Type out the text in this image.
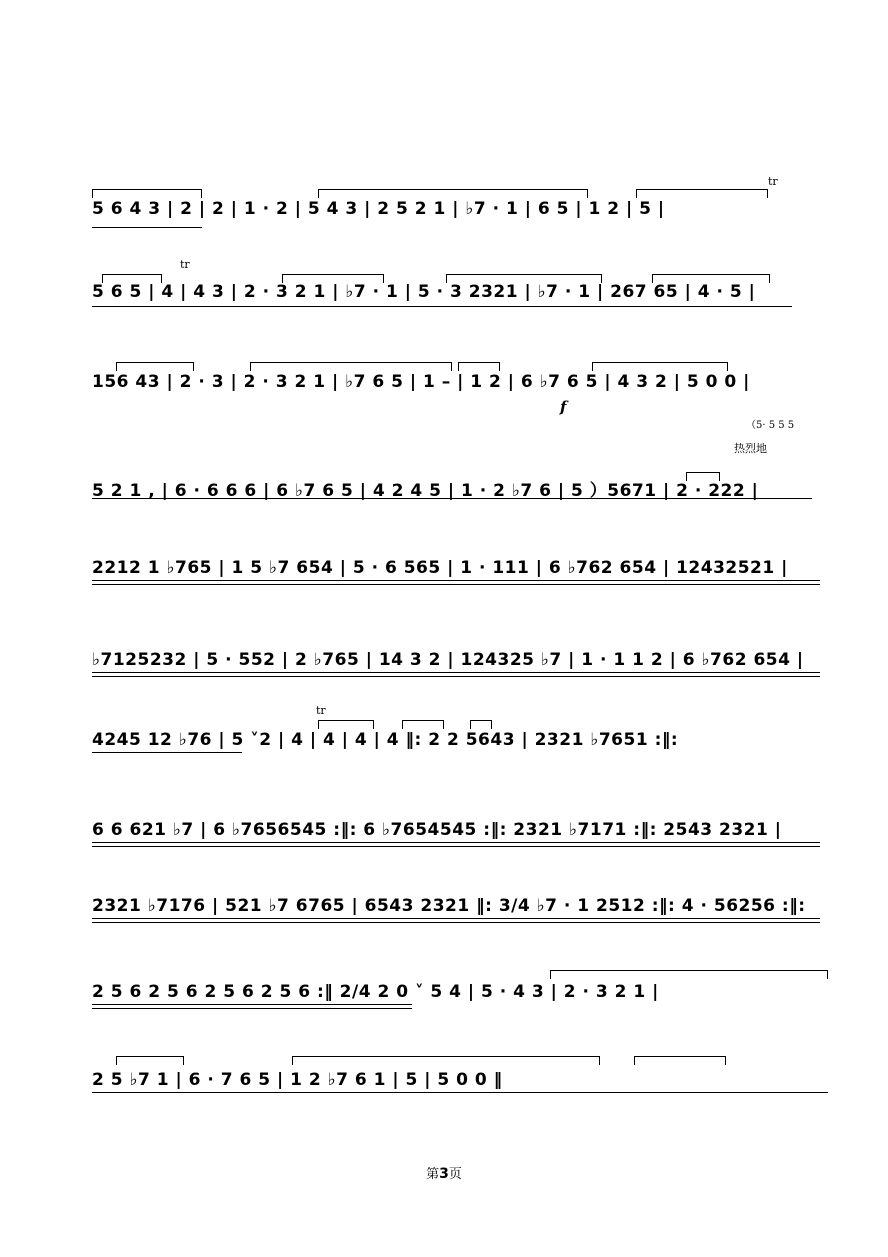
tr
5 6 4 3 | 2 | 2 | 1 · 2 | 5 4 3 | 2 5 2 1 | ♭7 · 1 | 6 5 | 1 2 | 5 |
tr
5 6 5 | 4 | 4 3 | 2 · 3 2 1 | ♭7 · 1 | 5 · 3 2321 | ♭7 · 1 | 267 65 | 4 · 5 |
156 43 | 2 · 3 | 2 · 3 2 1 | ♭7 6 5 | 1 – | 1 2 | 6 ♭7 6 5 | 4 3 2 | 5 0 0 |
f
（5· 5 5 5
热烈地
5 2 1 , | 6 · 6 6 6 | 6 ♭7 6 5 | 4 2 4 5 | 1 · 2 ♭7 6 | 5 ）5671 | 2 · 222 |
2212 1 ♭765 | 1 5 ♭7 654 | 5 · 6 565 | 1 · 111 | 6 ♭762 654 | 12432521 |
♭7125232 | 5 · 552 | 2 ♭765 | 14 3 2 | 124325 ♭7 | 1 · 1 1 2 | 6 ♭762 654 |
tr
4245 12 ♭76 | 5 ˅2 | 4 | 4 | 4 | 4 ‖: 2 2 5643 | 2321 ♭7651 :‖:
6 6 621 ♭7 | 6 ♭7656545 :‖: 6 ♭7654545 :‖: 2321 ♭7171 :‖: 2543 2321 |
2321 ♭7176 | 521 ♭7 6765 | 6543 2321 ‖: 3/4 ♭7 · 1 2512 :‖: 4 · 56256 :‖:
2 5 6 2 5 6 2 5 6 2 5 6 :‖ 2/4 2 0 ˅ 5 4 | 5 · 4 3 | 2 · 3 2 1 |
2 5 ♭7 1 | 6 · 7 6 5 | 1 2 ♭7 6 1 | 5 | 5 0 0 ‖
第3页
